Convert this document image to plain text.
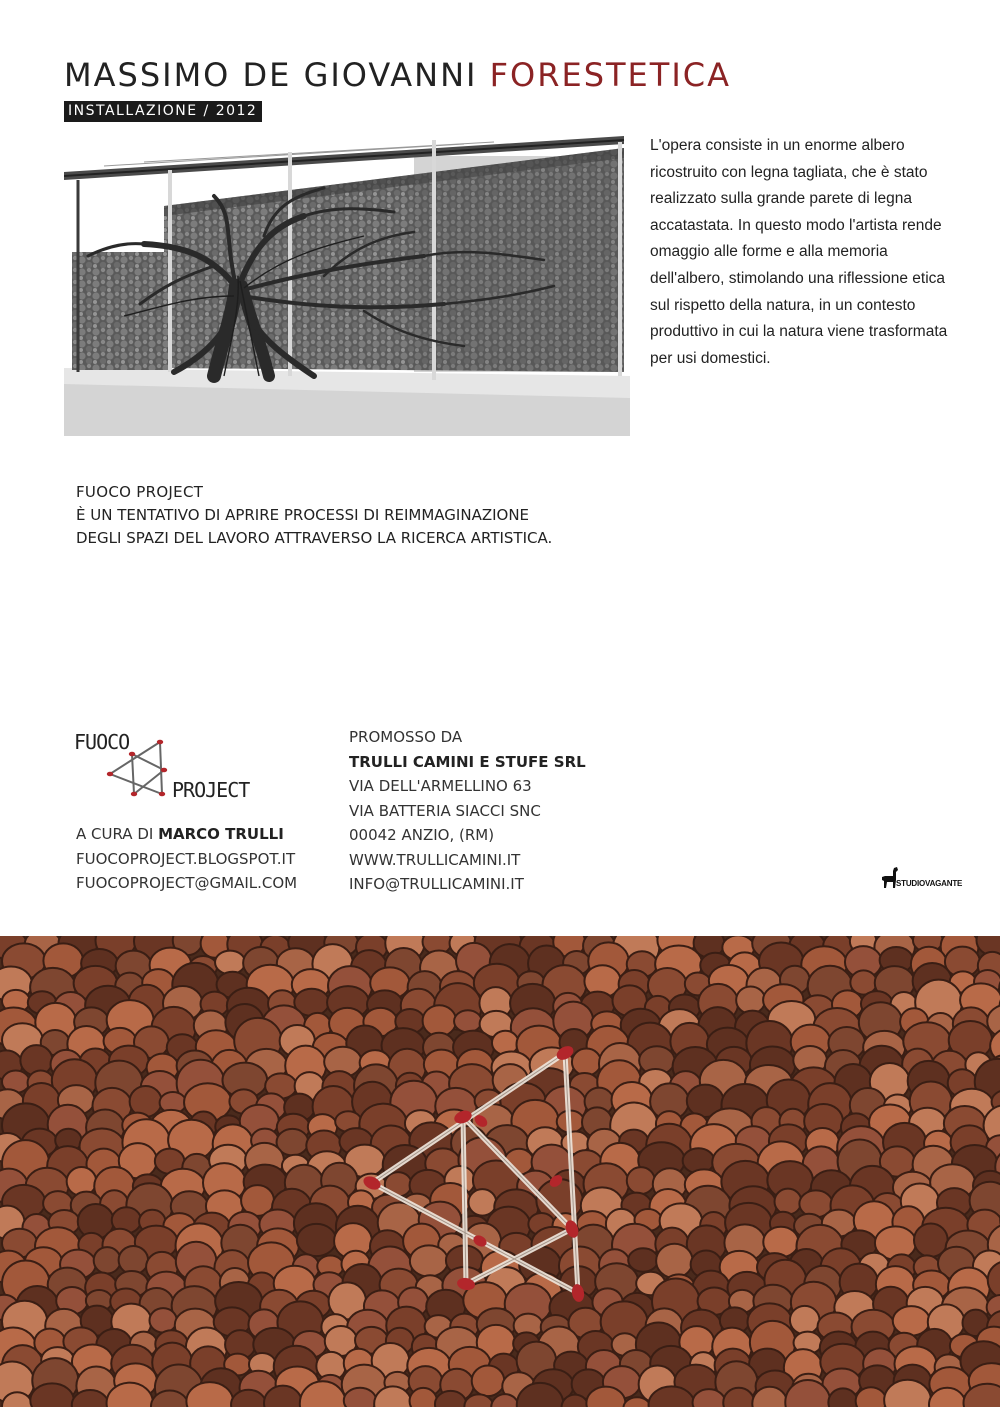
MASSIMO DE GIOVANNI FORESTETICA
INSTALLAZIONE / 2012

L'opera consiste in un enorme albero ricostruito con legna tagliata, che è stato realizzato sulla grande parete di legna accatastata. In questo modo l'artista rende omaggio alle forme e alla memoria dell'albero, stimolando una riflessione etica sul rispetto della natura, in un contesto produttivo in cui la natura viene trasformata per usi domestici.

FUOCO PROJECT
È UN TENTATIVO DI APRIRE PROCESSI DI REIMMAGINAZIONE
DEGLI SPAZI DEL LAVORO ATTRAVERSO LA RICERCA ARTISTICA.
FUOCO
PROJECT
A CURA DI MARCO TRULLI
FUOCOPROJECT.BLOGSPOT.IT
FUOCOPROJECT@GMAIL.COM
PROMOSSO DA
TRULLI CAMINI E STUFE SRL
VIA DELL'ARMELLINO 63
VIA BATTERIA SIACCI SNC
00042 ANZIO, (RM)
WWW.TRULLICAMINI.IT
INFO@TRULLICAMINI.IT	STUDIOVAGANTE
